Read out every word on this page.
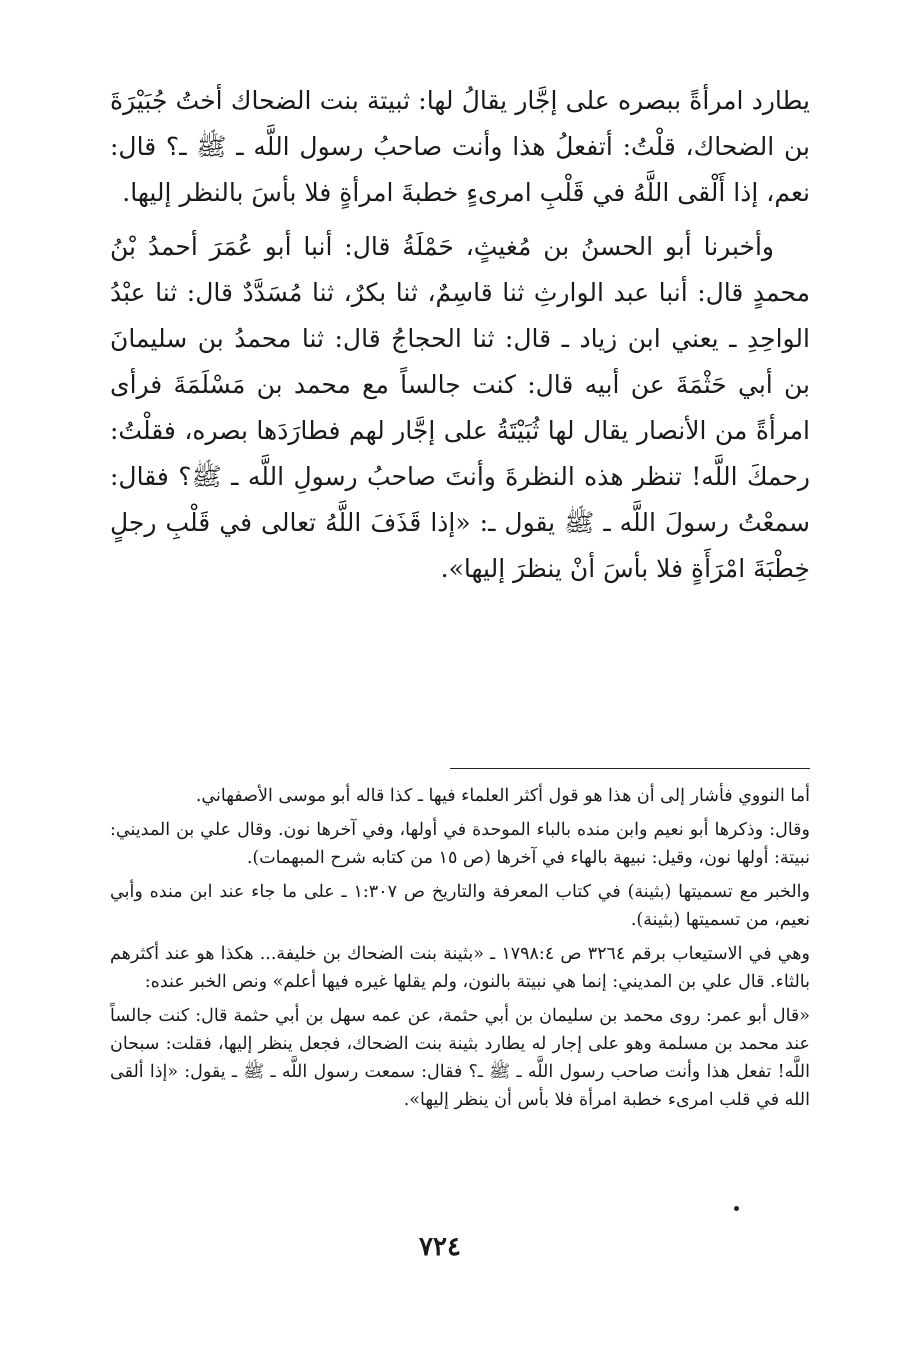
يطارد امرأةً ببصره على إجَّار يقالُ لها: ثبيتة بنت الضحاك أختُ جُبَيْرَةَ بن الضحاك، قلْتُ: أتفعلُ هذا وأنت صاحبُ رسول اللَّه ـ ﷺ ـ؟ قال: نعم، إذا أَلْقى اللَّهُ في قَلْبِ امرىءٍ خطبةَ امرأةٍ فلا بأسَ بالنظر إليها.

وأخبرنا أبو الحسنُ بن مُغيثٍ، حَمْلَةُ قال: أنبا أبو عُمَرَ أحمدُ بْنُ محمدٍ قال: أنبا عبد الوارثِ ثنا قاسِمٌ، ثنا بكرٌ، ثنا مُسَدَّدٌ قال: ثنا عبْدُ الواحِدِ ـ يعني ابن زياد ـ قال: ثنا الحجاجُ قال: ثنا محمدُ بن سليمانَ بن أبي حَثْمَةَ عن أبيه قال: كنت جالساً مع محمد بن مَسْلَمَةَ فرأى امرأةً من الأنصار يقال لها ثُبَيْتَةُ على إجَّار لهم فطارَدَها بصره، فقلْتُ: رحمكَ اللَّه! تنظر هذه النظرةَ وأنتَ صاحبُ رسولِ اللَّه ـ ﷺ؟ فقال: سمعْتُ رسولَ اللَّه ـ ﷺ يقول ـ: «إذا قَذَفَ اللَّهُ تعالى في قَلْبِ رجلٍ خِطْبَةَ امْرَأَةٍ فلا بأسَ أنْ ينظرَ إليها».

أما النووي فأشار إلى أن هذا هو قول أكثر العلماء فيها ـ كذا قاله أبو موسى الأصفهاني.

وقال: وذكرها أبو نعيم وابن منده بالباء الموحدة في أولها، وفي آخرها نون. وقال علي بن المديني: نبيتة: أولها نون، وقيل: نبيهة بالهاء في آخرها (ص ١٥ من كتابه شرح المبهمات).

والخبر مع تسميتها (بثينة) في كتاب المعرفة والتاريخ ص ١:٣٠٧ ـ على ما جاء عند ابن منده وأبي نعيم، من تسميتها (بثينة).

وهي في الاستيعاب برقم ٣٢٦٤ ص ١٧٩٨:٤ ـ «بثينة بنت الضحاك بن خليفة... هكذا هو عند أكثرهم بالثاء. قال علي بن المديني: إنما هي نبيتة بالنون، ولم يقلها غيره فيها أعلم» ونص الخبر عنده:

«قال أبو عمر: روى محمد بن سليمان بن أبي حثمة، عن عمه سهل بن أبي حثمة قال: كنت جالساً عند محمد بن مسلمة وهو على إجار له يطارد بثينة بنت الضحاك، فجعل ينظر إليها، فقلت: سبحان اللَّه! تفعل هذا وأنت صاحب رسول اللَّه ـ ﷺ ـ؟ فقال: سمعت رسول اللَّه ـ ﷺ ـ يقول: «إذا ألقى الله في قلب امرىء خطبة امرأة فلا بأس أن ينظر إليها».

٧٢٤
